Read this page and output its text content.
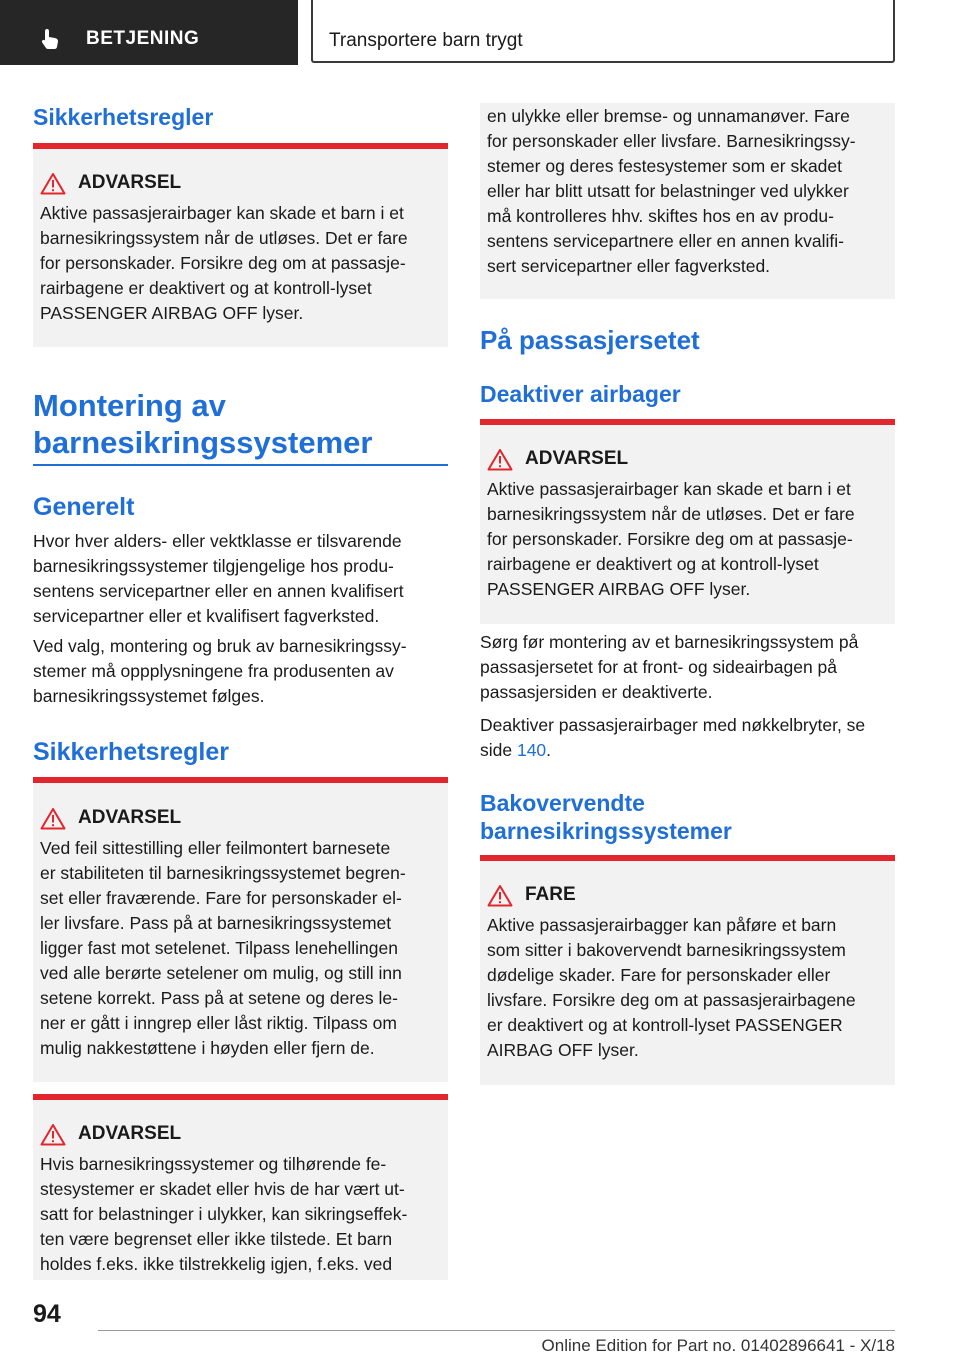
BETJENING	Transportere barn trygt
Sikkerhetsregler
ADVARSEL
Aktive passasjerairbager kan skade et barn i et
barnesikringssystem når de utløses. Det er fare
for personskader. Forsikre deg om at passasje-
rairbagene er deaktivert og at kontroll-lyset
PASSENGER AIRBAG OFF lyser.
Montering av
barnesikringssystemer
Generelt
Hvor hver alders- eller vektklasse er tilsvarende
barnesikringssystemer tilgjengelige hos produ-
sentens servicepartner eller en annen kvalifisert
servicepartner eller et kvalifisert fagverksted.
Ved valg, montering og bruk av barnesikringssy-
stemer må oppplysningene fra produsenten av
barnesikringssystemet følges.
Sikkerhetsregler
ADVARSEL
Ved feil sittestilling eller feilmontert barnesete
er stabiliteten til barnesikringssystemet begren-
set eller fraværende. Fare for personskader el-
ler livsfare. Pass på at barnesikringssystemet
ligger fast mot setelenet. Tilpass lenehellingen
ved alle berørte setelener om mulig, og still inn
setene korrekt. Pass på at setene og deres le-
ner er gått i inngrep eller låst riktig. Tilpass om
mulig nakkestøttene i høyden eller fjern de.
ADVARSEL
Hvis barnesikringssystemer og tilhørende fe-
stesystemer er skadet eller hvis de har vært ut-
satt for belastninger i ulykker, kan sikringseffek-
ten være begrenset eller ikke tilstede. Et barn
holdes f.eks. ikke tilstrekkelig igjen, f.eks. ved
en ulykke eller bremse- og unnamanøver. Fare
for personskader eller livsfare. Barnesikringssy-
stemer og deres festesystemer som er skadet
eller har blitt utsatt for belastninger ved ulykker
må kontrolleres hhv. skiftes hos en av produ-
sentens servicepartnere eller en annen kvalifi-
sert servicepartner eller fagverksted.
På passasjersetet
Deaktiver airbager
ADVARSEL
Aktive passasjerairbager kan skade et barn i et
barnesikringssystem når de utløses. Det er fare
for personskader. Forsikre deg om at passasje-
rairbagene er deaktivert og at kontroll-lyset
PASSENGER AIRBAG OFF lyser.
Sørg før montering av et barnesikringssystem på
passasjersetet for at front- og sideairbagen på
passasjersiden er deaktiverte.
Deaktiver passasjerairbager med nøkkelbryter, se
side 140.
Bakovervendte
barnesikringssystemer
FARE
Aktive passasjerairbagger kan påføre et barn
som sitter i bakovervendt barnesikringssystem
dødelige skader. Fare for personskader eller
livsfare. Forsikre deg om at passasjerairbagene
er deaktivert og at kontroll-lyset PASSENGER
AIRBAG OFF lyser.
94
Online Edition for Part no. 01402896641 - X/18
